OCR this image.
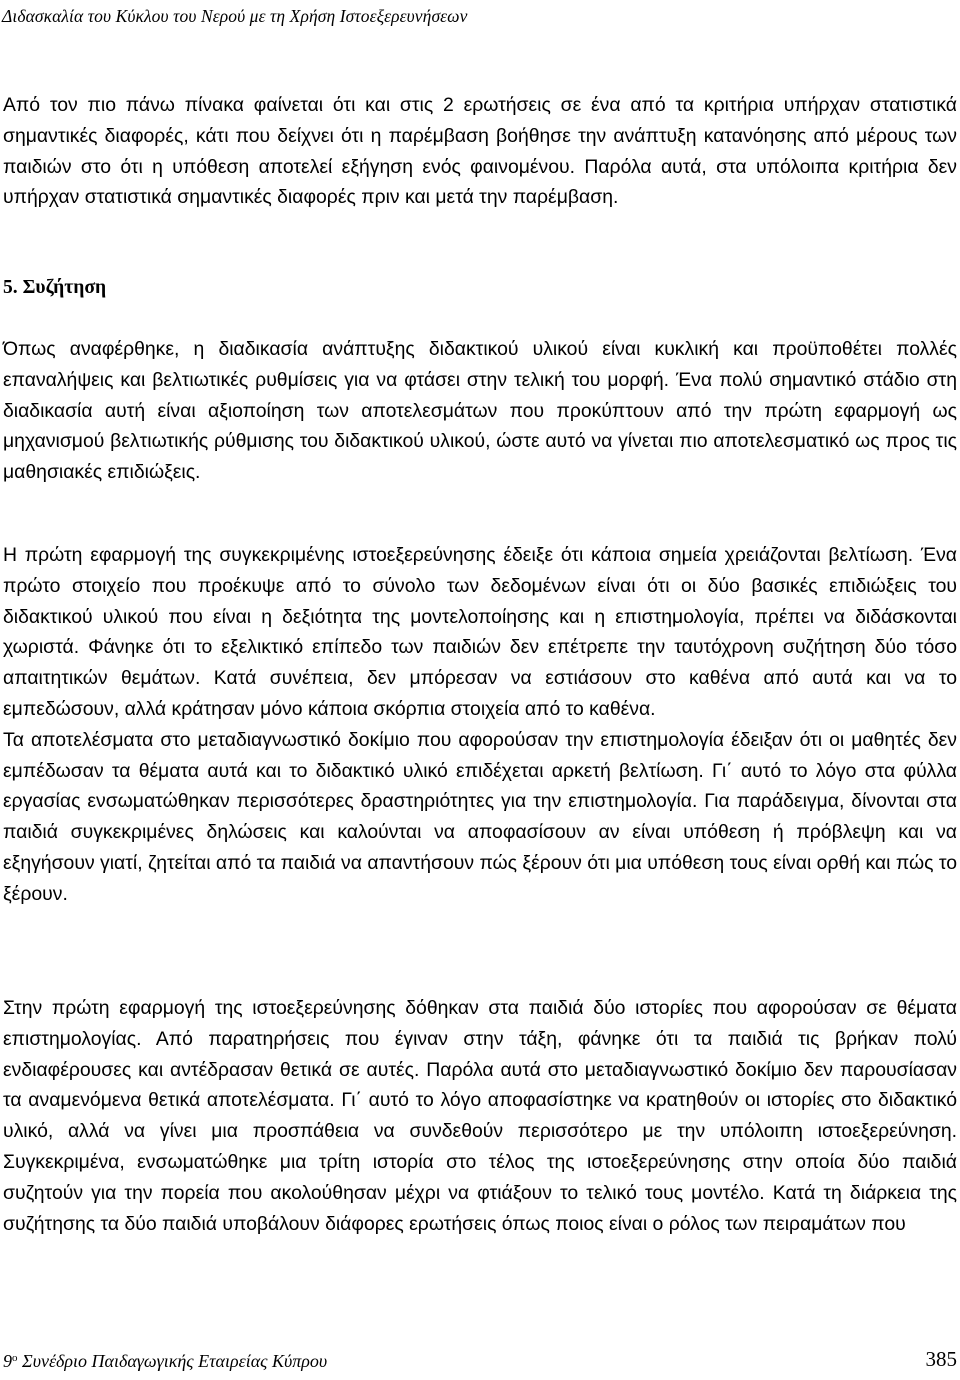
Διδασκαλία του Κύκλου του Νερού με τη Χρήση Ιστοεξερευνήσεων

Από τον πιο πάνω πίνακα φαίνεται ότι και στις 2 ερωτήσεις σε ένα από τα κριτήρια υπήρχαν στατιστικά σημαντικές διαφορές, κάτι που δείχνει ότι η παρέμβαση βοήθησε την ανάπτυξη κατανόησης από μέρους των παιδιών στο ότι η υπόθεση αποτελεί εξήγηση ενός φαινομένου. Παρόλα αυτά, στα υπόλοιπα κριτήρια δεν υπήρχαν στατιστικά σημαντικές διαφορές πριν και μετά την παρέμβαση.

5. Συζήτηση

Όπως αναφέρθηκε, η διαδικασία ανάπτυξης διδακτικού υλικού είναι κυκλική και προϋποθέτει πολλές επαναλήψεις και βελτιωτικές ρυθμίσεις για να φτάσει στην τελική του μορφή. Ένα πολύ σημαντικό στάδιο στη διαδικασία αυτή είναι αξιοποίηση των αποτελεσμάτων που προκύπτουν από την πρώτη εφαρμογή ως μηχανισμού βελτιωτικής ρύθμισης του διδακτικού υλικού, ώστε αυτό να γίνεται πιο αποτελεσματικό ως προς τις μαθησιακές επιδιώξεις.

Η πρώτη εφαρμογή της συγκεκριμένης ιστοεξερεύνησης έδειξε ότι κάποια σημεία χρειάζονται βελτίωση. Ένα πρώτο στοιχείο που προέκυψε από το σύνολο των δεδομένων είναι ότι οι δύο βασικές επιδιώξεις του διδακτικού υλικού που είναι η δεξιότητα της μοντελοποίησης και η επιστημολογία, πρέπει να διδάσκονται χωριστά. Φάνηκε ότι το εξελικτικό επίπεδο των παιδιών δεν επέτρεπε την ταυτόχρονη συζήτηση δύο τόσο απαιτητικών θεμάτων. Κατά συνέπεια, δεν μπόρεσαν να εστιάσουν στο καθένα από αυτά και να το εμπεδώσουν, αλλά κράτησαν μόνο κάποια σκόρπια στοιχεία από το καθένα.

Τα αποτελέσματα στο μεταδιαγνωστικό δοκίμιο που αφορούσαν την επιστημολογία έδειξαν ότι οι μαθητές δεν εμπέδωσαν τα θέματα αυτά και το διδακτικό υλικό επιδέχεται αρκετή βελτίωση. Γι΄ αυτό το λόγο στα φύλλα εργασίας ενσωματώθηκαν περισσότερες δραστηριότητες για την επιστημολογία. Για παράδειγμα, δίνονται στα παιδιά συγκεκριμένες δηλώσεις και καλούνται να αποφασίσουν αν είναι υπόθεση ή πρόβλεψη και να εξηγήσουν γιατί, ζητείται από τα παιδιά να απαντήσουν πώς ξέρουν ότι μια υπόθεση τους είναι ορθή και πώς το ξέρουν.

Στην πρώτη εφαρμογή της ιστοεξερεύνησης δόθηκαν στα παιδιά δύο ιστορίες που αφορούσαν σε θέματα επιστημολογίας. Από παρατηρήσεις που έγιναν στην τάξη, φάνηκε ότι τα παιδιά τις βρήκαν πολύ ενδιαφέρουσες και αντέδρασαν θετικά σε αυτές. Παρόλα αυτά στο μεταδιαγνωστικό δοκίμιο δεν παρουσίασαν τα αναμενόμενα θετικά αποτελέσματα. Γι΄ αυτό το λόγο αποφασίστηκε να κρατηθούν οι ιστορίες στο διδακτικό υλικό, αλλά να γίνει μια προσπάθεια να συνδεθούν περισσότερο με την υπόλοιπη ιστοεξερεύνηση. Συγκεκριμένα, ενσωματώθηκε μια τρίτη ιστορία στο τέλος της ιστοεξερεύνησης στην οποία δύο παιδιά συζητούν για την πορεία που ακολούθησαν μέχρι να φτιάξουν το τελικό τους μοντέλο. Κατά τη διάρκεια της συζήτησης τα δύο παιδιά υποβάλουν διάφορες ερωτήσεις όπως ποιος είναι ο ρόλος των πειραμάτων που

$9^o$ Συνέδριο Παιδαγωγικής Εταιρείας Κύπρου	385
